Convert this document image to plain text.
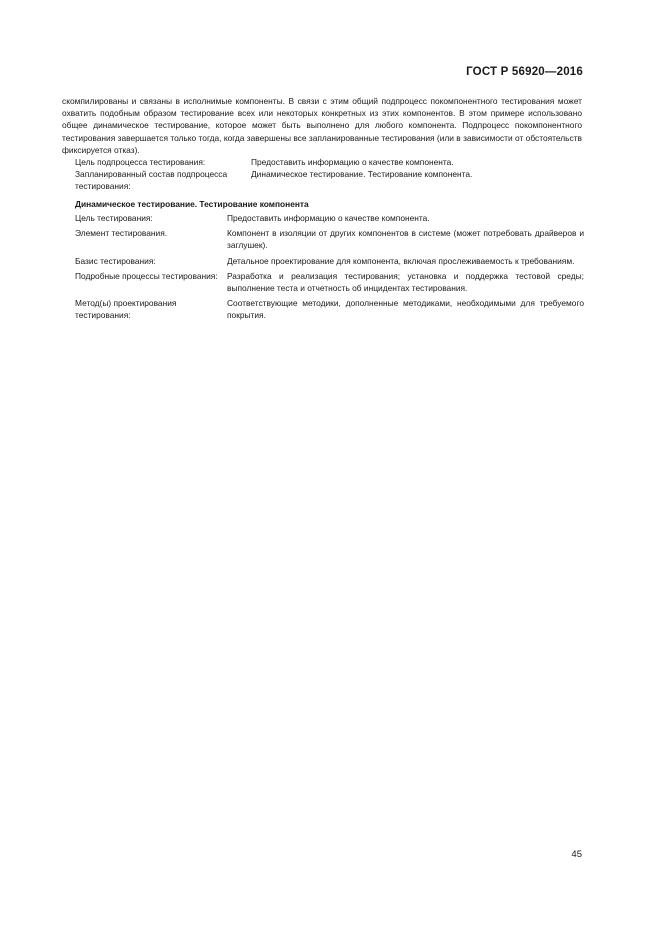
ГОСТ Р 56920—2016

скомпилированы и связаны в исполнимые компоненты. В связи с этим общий подпроцесс покомпонентного тестирования может охватить подобным образом тестирование всех или некоторых конкретных из этих компонентов. В этом примере использовано общее динамическое тестирование, которое может быть выполнено для любого компонента. Подпроцесс покомпонентного тестирования завершается только тогда, когда завершены все запланированные тестирования (или в зависимости от обстоятельств фиксируется отказ).

Цель подпроцесса тестирования:	Предоставить информацию о качестве компонента.
Запланированный состав подпроцесса тестирования:
Динамическое тестирование. Тестирование компонента.
Динамическое тестирование. Тестирование компонента
Цель тестирования:	Предоставить информацию о качестве компонента.
Элемент тестирования.	Компонент в изоляции от других компонентов в системе (может потребовать драйверов и заглушек).
Базис тестирования:	Детальное проектирование для компонента, включая прослеживаемость к требованиям.
Подробные процессы тестирования:	Разработка и реализация тестирования; установка и поддержка тестовой среды; выполнение теста и отчетность об инцидентах тестирования.
Метод(ы) проектирования тестирования:
Соответствующие методики, дополненные методиками, необходимыми для требуемого покрытия.
45
